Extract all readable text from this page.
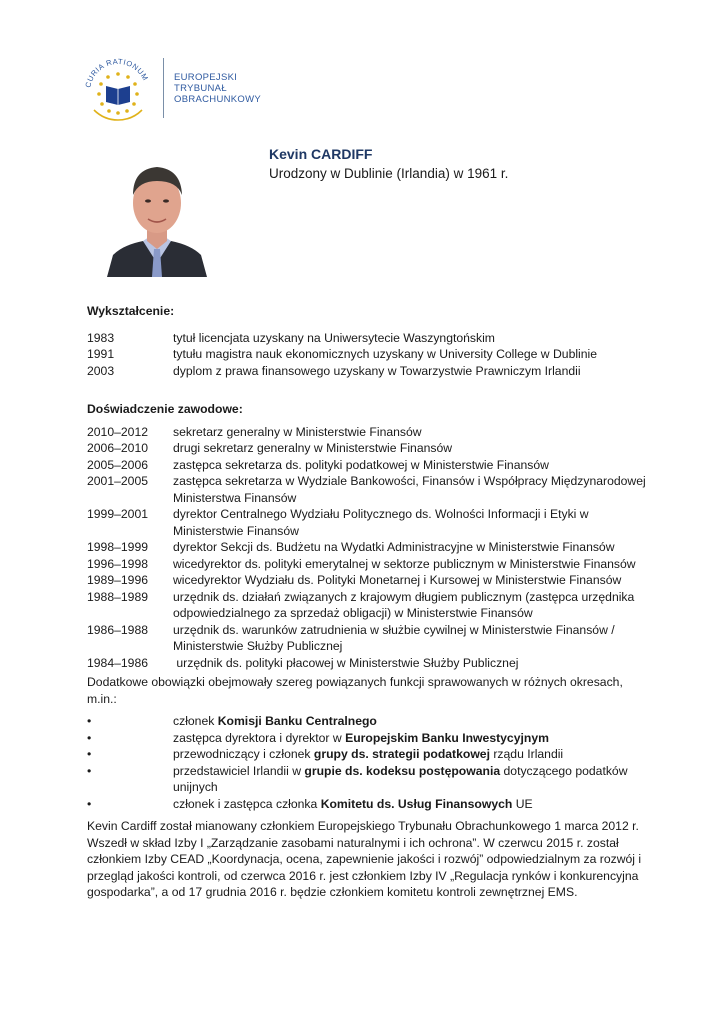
CURIA RATIONUM	EUROPEJSKI
TRYBUNAŁ
OBRACHUNKOWY
Kevin CARDIFF
Urodzony w Dublinie (Irlandia) w 1961 r.

Wykształcenie:

1983	tytuł licencjata uzyskany na Uniwersytecie Waszyngtońskim
1991	tytułu magistra nauk ekonomicznych uzyskany w University College w Dublinie
2003	dyplom z prawa finansowego uzyskany w Towarzystwie Prawniczym Irlandii

Doświadczenie zawodowe:

2010–2012	sekretarz generalny w Ministerstwie Finansów
2006–2010	drugi sekretarz generalny w Ministerstwie Finansów
2005–2006	zastępca sekretarza ds. polityki podatkowej w Ministerstwie Finansów
2001–2005	zastępca sekretarza w Wydziale Bankowości, Finansów i Współpracy Międzynarodowej Ministerstwa Finansów
1999–2001	dyrektor Centralnego Wydziału Politycznego ds. Wolności Informacji i Etyki w Ministerstwie Finansów
1998–1999	dyrektor Sekcji ds. Budżetu na Wydatki Administracyjne w Ministerstwie Finansów
1996–1998	wicedyrektor ds. polityki emerytalnej w sektorze publicznym w Ministerstwie Finansów
1989–1996	wicedyrektor Wydziału ds. Polityki Monetarnej i Kursowej w Ministerstwie Finansów
1988–1989	urzędnik ds. działań związanych z krajowym długiem publicznym (zastępca urzędnika odpowiedzialnego za sprzedaż obligacji) w Ministerstwie Finansów
1986–1988	urzędnik ds. warunków zatrudnienia w służbie cywilnej w Ministerstwie Finansów / Ministerstwie Służby Publicznej
1984–1986	urzędnik ds. polityki płacowej w Ministerstwie Służby Publicznej

Dodatkowe obowiązki obejmowały szereg powiązanych funkcji sprawowanych w różnych okresach, m.in.:

•	członek Komisji Banku Centralnego
•	zastępca dyrektora i dyrektor w Europejskim Banku Inwestycyjnym
•	przewodniczący i członek grupy ds. strategii podatkowej rządu Irlandii
•	przedstawiciel Irlandii w grupie ds. kodeksu postępowania dotyczącego podatków unijnych
•	członek i zastępca członka Komitetu ds. Usług Finansowych UE

Kevin Cardiff został mianowany członkiem Europejskiego Trybunału Obrachunkowego 1 marca 2012 r. Wszedł w skład Izby I „Zarządzanie zasobami naturalnymi i ich ochrona”. W czerwcu 2015 r. został członkiem Izby CEAD „Koordynacja, ocena, zapewnienie jakości i rozwój” odpowiedzialnym za rozwój i przegląd jakości kontroli, od czerwca 2016 r. jest członkiem Izby IV „Regulacja rynków i konkurencyjna gospodarka”, a od 17 grudnia 2016 r. będzie członkiem komitetu kontroli zewnętrznej EMS.
